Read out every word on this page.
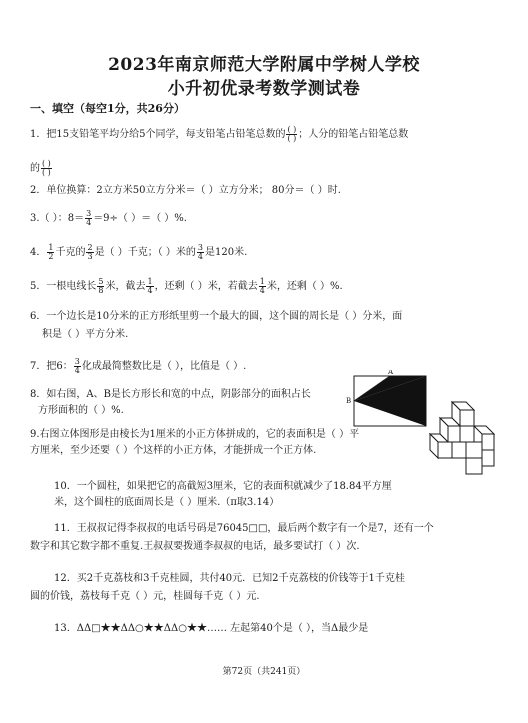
2023年南京师范大学附属中学树人学校
小升初优录考数学测试卷
一、填空（每空1分，共26分）
1．把15支铅笔平均分给5个同学，每支铅笔占铅笔总数的 $\frac{( )}{( )}$ ；人分的铅笔占铅笔总数
的 $\frac{( )}{( )}$
2．单位换算：2立方米50立方分米＝（ ）立方分米； 80分＝（ ）时.
3.（ ）：$8= \frac{3}{4} =9\div$（ ）＝（ ）%.
4． $\frac{1}{2}$ 千克的 $\frac{2}{3}$ 是（ ）千克；（ ）米的 $\frac{3}{4}$ 是120米.
5．一根电线长 $\frac{5}{8}$ 米，截去 $\frac{1}{4}$ ，还剩（ ）米，若截去 $\frac{1}{4}$ 米，还剩（ ）%.
6．一个边长是10分米的正方形纸里剪一个最大的圆，这个圆的周长是（ ）分米，面
积是（ ）平方分米.
7．把6： $\frac{3}{4}$ 化成最简整数比是（ ），比值是（ ）.
8．如右图，A、B是长方形长和宽的中点，阴影部分的面积占长
方形面积的（ ）%.
A
B
9.右图立体图形是由棱长为1厘米的小正方体拼成的，它的表面积是（ ）平
方厘米，至少还要（ ）个这样的小正方体，才能拼成一个正方体.
10．一个圆柱，如果把它的高截短3厘米，它的表面积就减少了18.84平方厘
米，这个圆柱的底面周长是（ ）厘米.（π取3.14）
11．王叔叔记得李叔叔的电话号码是76045□□，最后两个数字有一个是7，还有一个
数字和其它数字都不重复.王叔叔要拨通李叔叔的电话，最多要试打（ ）次.
12．买2千克荔枝和3千克桂圆，共付40元．已知2千克荔枝的价钱等于1千克桂
圆的价钱，荔枝每千克（ ）元，桂圆每千克（ ）元.
13．ΔΔ□★★ΔΔ○★★ΔΔ○★★…… 左起第40个是（ ），当Δ最少是
第72页（共241页）
